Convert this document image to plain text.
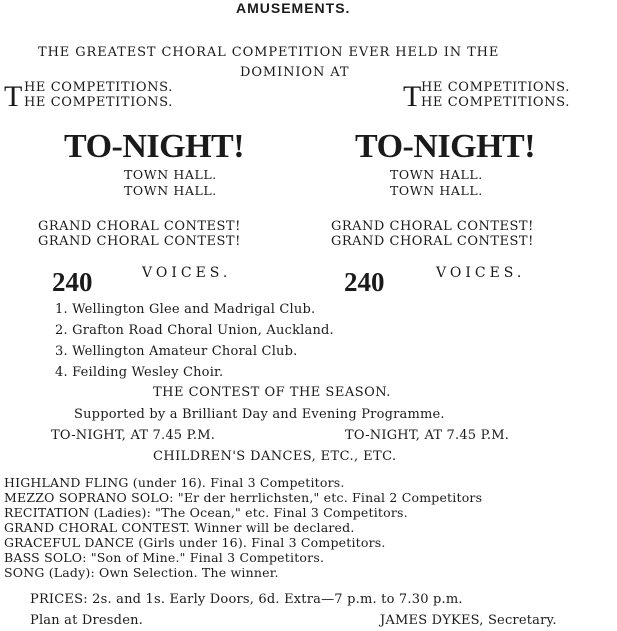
AMUSEMENTS.
THE GREATEST CHORAL COMPETITION EVER HELD IN THE
DOMINION AT
T HE COMPETITIONS.
HE COMPETITIONS.
TO-NIGHT!
TOWN HALL.
TOWN HALL.
GRAND CHORAL CONTEST!
GRAND CHORAL CONTEST!
240	VOICES.
T HE COMPETITIONS.
HE COMPETITIONS.
TO-NIGHT!
TOWN HALL.
TOWN HALL.
GRAND CHORAL CONTEST!
GRAND CHORAL CONTEST!
240	VOICES.
1. Wellington Glee and Madrigal Club.
2. Grafton Road Choral Union, Auckland.
3. Wellington Amateur Choral Club.
4. Feilding Wesley Choir.
THE CONTEST OF THE SEASON.
Supported by a Brilliant Day and Evening Programme.
TO-NIGHT, AT 7.45 P.M.	TO-NIGHT, AT 7.45 P.M.
CHILDREN'S DANCES, ETC., ETC.
HIGHLAND FLING (under 16). Final 3 Competitors.
MEZZO SOPRANO SOLO: "Er der herrlichsten," etc. Final 2 Competitors
RECITATION (Ladies): "The Ocean," etc. Final 3 Competitors.
GRAND CHORAL CONTEST. Winner will be declared.
GRACEFUL DANCE (Girls under 16). Final 3 Competitors.
BASS SOLO: "Son of Mine." Final 3 Competitors.
SONG (Lady): Own Selection. The winner.
PRICES: 2s. and 1s. Early Doors, 6d. Extra—7 p.m. to 7.30 p.m.
Plan at Dresden.	JAMES DYKES, Secretary.
